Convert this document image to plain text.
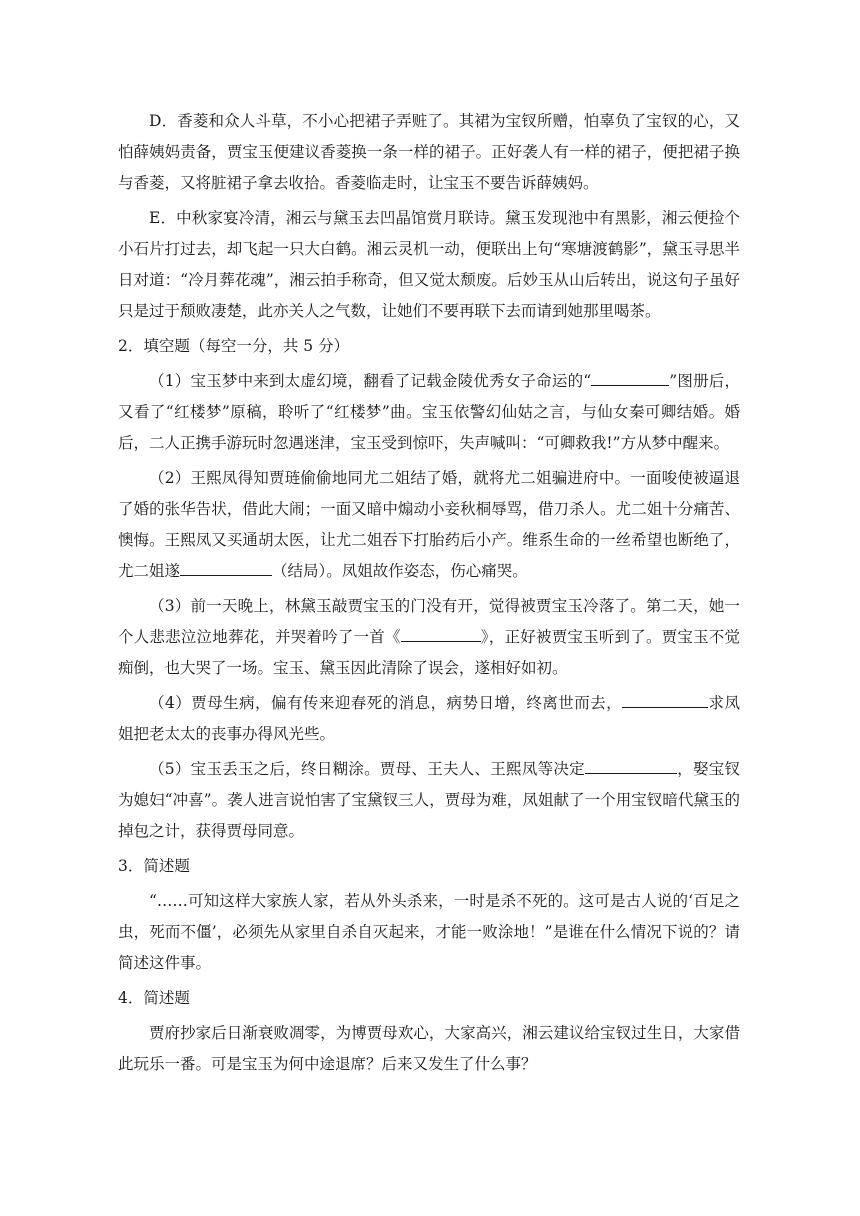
D．香菱和众人斗草，不小心把裙子弄赃了。其裙为宝钗所赠，怕辜负了宝钗的心，又怕薛姨妈责备，贾宝玉便建议香菱换一条一样的裙子。正好袭人有一样的裙子，便把裙子换与香菱，又将脏裙子拿去收拾。香菱临走时，让宝玉不要告诉薛姨妈。

E．中秋家宴冷清，湘云与黛玉去凹晶馆赏月联诗。黛玉发现池中有黑影，湘云便捡个小石片打过去，却飞起一只大白鹤。湘云灵机一动，便联出上句“寒塘渡鹤影”，黛玉寻思半日对道：“冷月葬花魂”，湘云拍手称奇，但又觉太颓废。后妙玉从山后转出，说这句子虽好只是过于颓败凄楚，此亦关人之气数，让她们不要再联下去而请到她那里喝茶。

2．填空题（每空一分，共 5 分）

（1）宝玉梦中来到太虚幻境，翻看了记载金陵优秀女子命运的“	”图册后，又看了“红楼梦”原稿，聆听了“红楼梦”曲。宝玉依警幻仙姑之言，与仙女秦可卿结婚。婚后，二人正携手游玩时忽遇迷津，宝玉受到惊吓，失声喊叫：“可卿救我!”方从梦中醒来。

（2）王熙凤得知贾琏偷偷地同尤二姐结了婚，就将尤二姐骗进府中。一面唆使被逼退了婚的张华告状，借此大闹；一面又暗中煽动小妾秋桐辱骂，借刀杀人。尤二姐十分痛苦、懊悔。王熙凤又买通胡太医，让尤二姐吞下打胎药后小产。维系生命的一丝希望也断绝了，尤二姐遂	（结局）。凤姐故作姿态，伤心痛哭。

（3）前一天晚上，林黛玉敲贾宝玉的门没有开，觉得被贾宝玉冷落了。第二天，她一个人悲悲泣泣地葬花，并哭着吟了一首《	》，正好被贾宝玉听到了。贾宝玉不觉痴倒，也大哭了一场。宝玉、黛玉因此清除了误会，遂相好如初。

（4）贾母生病，偏有传来迎春死的消息，病势日增，终离世而去，	求凤姐把老太太的丧事办得风光些。

（5）宝玉丢玉之后，终日糊涂。贾母、王夫人、王熙凤等决定	，娶宝钗为媳妇“冲喜”。袭人进言说怕害了宝黛钗三人，贾母为难，凤姐献了一个用宝钗暗代黛玉的掉包之计，获得贾母同意。

3．简述题

“……可知这样大家族人家，若从外头杀来，一时是杀不死的。这可是古人说的‘百足之虫，死而不僵’，必须先从家里自杀自灭起来，才能一败涂地！”是谁在什么情况下说的？请简述这件事。

4．简述题

贾府抄家后日渐衰败凋零，为博贾母欢心，大家高兴，湘云建议给宝钗过生日，大家借此玩乐一番。可是宝玉为何中途退席？后来又发生了什么事？
